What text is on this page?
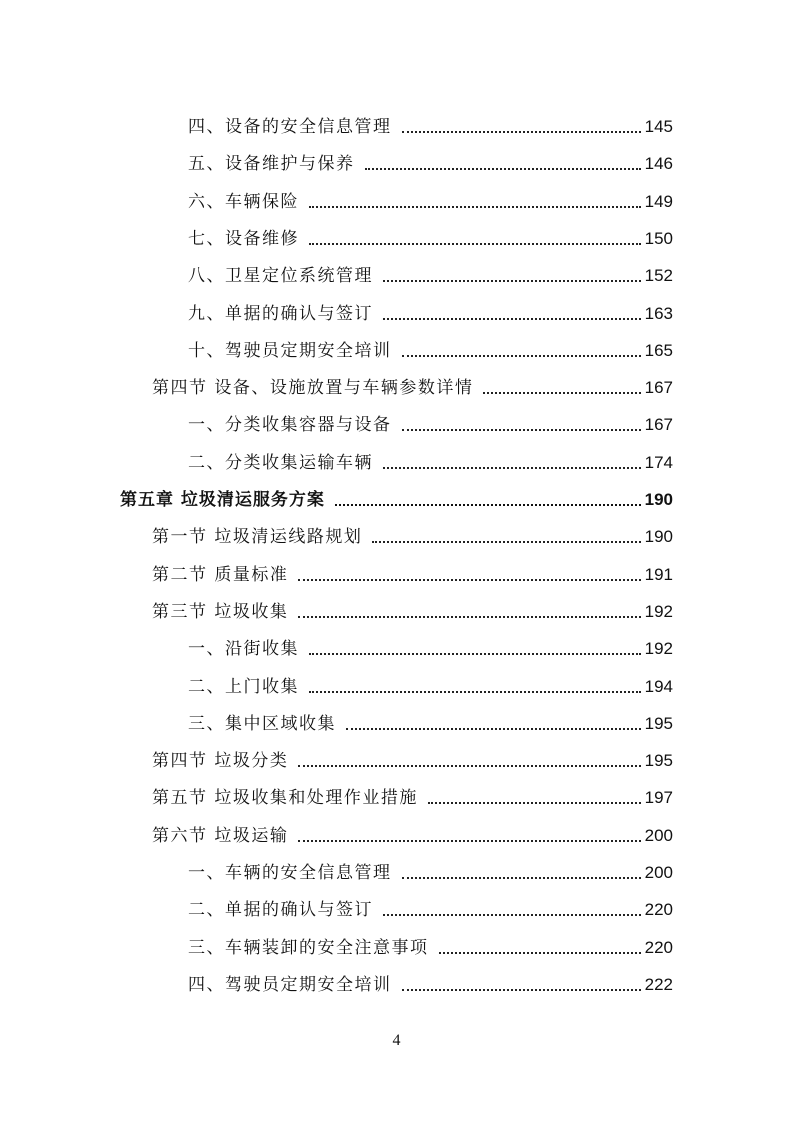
四、设备的安全信息管理	145
五、设备维护与保养	146
六、车辆保险	149
七、设备维修	150
八、卫星定位系统管理	152
九、单据的确认与签订	163
十、驾驶员定期安全培训	165
第四节 设备、设施放置与车辆参数详情	167
一、分类收集容器与设备	167
二、分类收集运输车辆	174
第五章 垃圾清运服务方案	190
第一节 垃圾清运线路规划	190
第二节 质量标准	191
第三节 垃圾收集	192
一、沿街收集	192
二、上门收集	194
三、集中区域收集	195
第四节 垃圾分类	195
第五节 垃圾收集和处理作业措施	197
第六节 垃圾运输	200
一、车辆的安全信息管理	200
二、单据的确认与签订	220
三、车辆装卸的安全注意事项	220
四、驾驶员定期安全培训	222
4
